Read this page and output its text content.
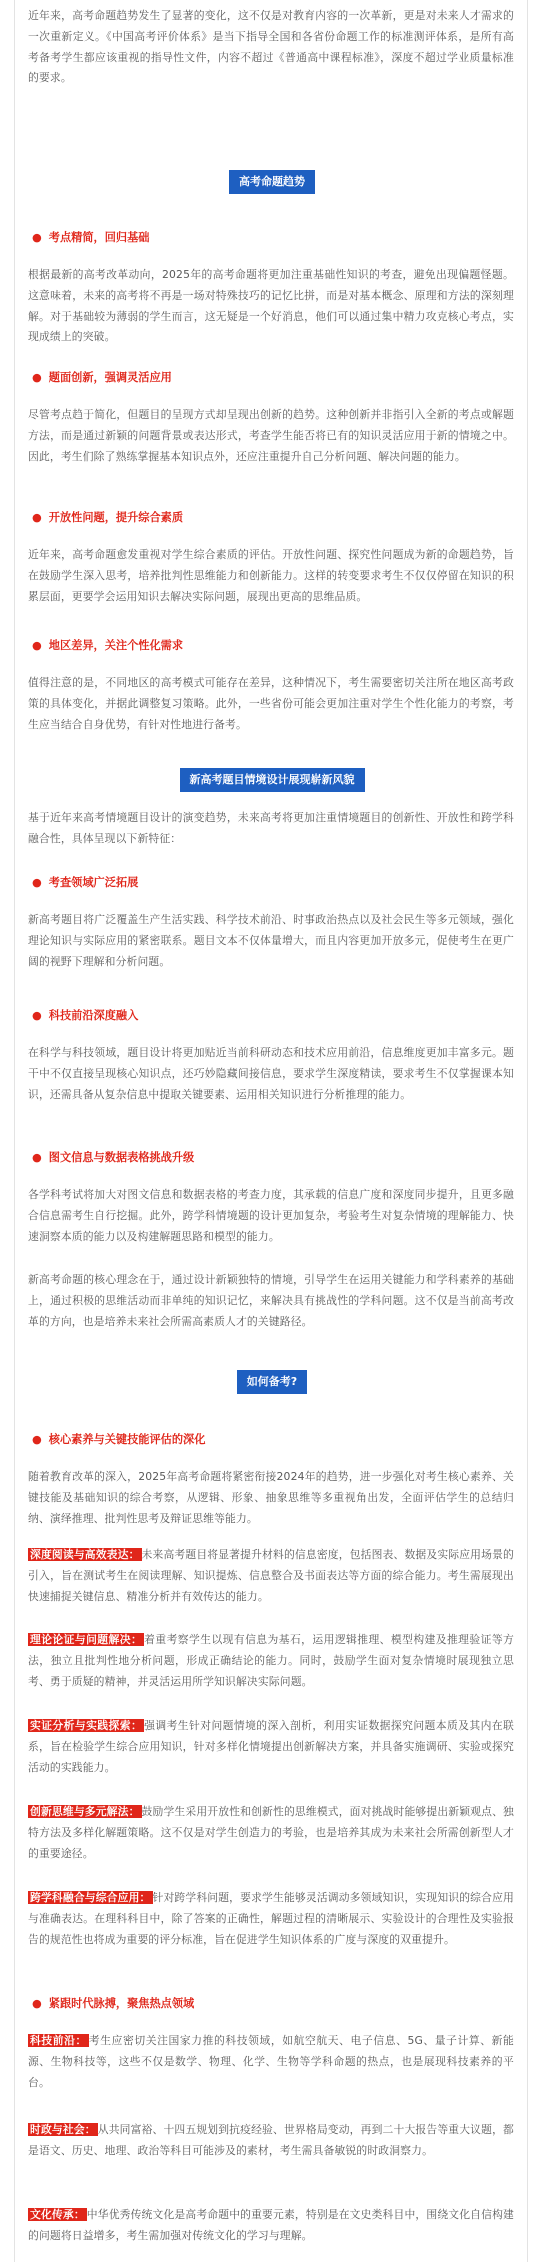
近年来，高考命题趋势发生了显著的变化，这不仅是对教育内容的一次革新，更是对未来人才需求的一次重新定义。《中国高考评价体系》是当下指导全国和各省份命题工作的标准测评体系，是所有高考备考学生都应该重视的指导性文件，内容不超过《普通高中课程标准》，深度不超过学业质量标准的要求。

高考命题趋势
● 考点精简，回归基础

根据最新的高考改革动向，2025年的高考命题将更加注重基础性知识的考查，避免出现偏题怪题。这意味着，未来的高考将不再是一场对特殊技巧的记忆比拼，而是对基本概念、原理和方法的深刻理解。对于基础较为薄弱的学生而言，这无疑是一个好消息，他们可以通过集中精力攻克核心考点，实现成绩上的突破。

● 题面创新，强调灵活应用

尽管考点趋于简化，但题目的呈现方式却呈现出创新的趋势。这种创新并非指引入全新的考点或解题方法，而是通过新颖的问题背景或表达形式，考查学生能否将已有的知识灵活应用于新的情境之中。因此，考生们除了熟练掌握基本知识点外，还应注重提升自己分析问题、解决问题的能力。

● 开放性问题，提升综合素质

近年来，高考命题愈发重视对学生综合素质的评估。开放性问题、探究性问题成为新的命题趋势，旨在鼓励学生深入思考，培养批判性思维能力和创新能力。这样的转变要求考生不仅仅停留在知识的积累层面，更要学会运用知识去解决实际问题，展现出更高的思维品质。

● 地区差异，关注个性化需求

值得注意的是，不同地区的高考模式可能存在差异，这种情况下，考生需要密切关注所在地区高考政策的具体变化，并据此调整复习策略。此外，一些省份可能会更加注重对学生个性化能力的考察，考生应当结合自身优势，有针对性地进行备考。

新高考题目情境设计展现崭新风貌

基于近年来高考情境题目设计的演变趋势，未来高考将更加注重情境题目的创新性、开放性和跨学科融合性，具体呈现以下新特征：

● 考查领域广泛拓展

新高考题目将广泛覆盖生产生活实践、科学技术前沿、时事政治热点以及社会民生等多元领域，强化理论知识与实际应用的紧密联系。题目文本不仅体量增大，而且内容更加开放多元，促使考生在更广阔的视野下理解和分析问题。

● 科技前沿深度融入

在科学与科技领域，题目设计将更加贴近当前科研动态和技术应用前沿，信息维度更加丰富多元。题干中不仅直接呈现核心知识点，还巧妙隐藏间接信息，要求学生深度精读，要求考生不仅掌握课本知识，还需具备从复杂信息中提取关键要素、运用相关知识进行分析推理的能力。

● 图文信息与数据表格挑战升级

各学科考试将加大对图文信息和数据表格的考查力度，其承载的信息广度和深度同步提升，且更多融合信息需考生自行挖掘。此外，跨学科情境题的设计更加复杂，考验考生对复杂情境的理解能力、快速洞察本质的能力以及构建解题思路和模型的能力。

新高考命题的核心理念在于，通过设计新颖独特的情境，引导学生在运用关键能力和学科素养的基础上，通过积极的思维活动而非单纯的知识记忆，来解决具有挑战性的学科问题。这不仅是当前高考改革的方向，也是培养未来社会所需高素质人才的关键路径。

如何备考?
● 核心素养与关键技能评估的深化

随着教育改革的深入，2025年高考命题将紧密衔接2024年的趋势，进一步强化对考生核心素养、关键技能及基础知识的综合考察，从逻辑、形象、抽象思维等多重视角出发，全面评估学生的总结归纳、演绎推理、批判性思考及辩证思维等能力。

深度阅读与高效表达： 未来高考题目将显著提升材料的信息密度，包括图表、数据及实际应用场景的引入，旨在测试考生在阅读理解、知识提炼、信息整合及书面表达等方面的综合能力。考生需展现出快速捕捉关键信息、精准分析并有效传达的能力。

理论论证与问题解决： 着重考察学生以现有信息为基石，运用逻辑推理、模型构建及推理验证等方法，独立且批判性地分析问题，形成正确结论的能力。同时，鼓励学生面对复杂情境时展现独立思考、勇于质疑的精神，并灵活运用所学知识解决实际问题。

实证分析与实践探索： 强调考生针对问题情境的深入剖析，利用实证数据探究问题本质及其内在联系，旨在检验学生综合应用知识，针对多样化情境提出创新解决方案，并具备实施调研、实验或探究活动的实践能力。

创新思维与多元解法： 鼓励学生采用开放性和创新性的思维模式，面对挑战时能够提出新颖观点、独特方法及多样化解题策略。这不仅是对学生创造力的考验，也是培养其成为未来社会所需创新型人才的重要途径。

跨学科融合与综合应用： 针对跨学科问题，要求学生能够灵活调动多领域知识，实现知识的综合应用与准确表达。在理科科目中，除了答案的正确性，解题过程的清晰展示、实验设计的合理性及实验报告的规范性也将成为重要的评分标准，旨在促进学生知识体系的广度与深度的双重提升。

● 紧跟时代脉搏，聚焦热点领域

科技前沿： 考生应密切关注国家力推的科技领域，如航空航天、电子信息、5G、量子计算、新能源、生物科技等，这些不仅是数学、物理、化学、生物等学科命题的热点，也是展现科技素养的平台。

时政与社会： 从共同富裕、十四五规划到抗疫经验、世界格局变动，再到二十大报告等重大议题，都是语文、历史、地理、政治等科目可能涉及的素材，考生需具备敏锐的时政洞察力。

文化传承： 中华优秀传统文化是高考命题中的重要元素，特别是在文史类科目中，围绕文化自信构建的问题将日益增多，考生需加强对传统文化的学习与理解。
